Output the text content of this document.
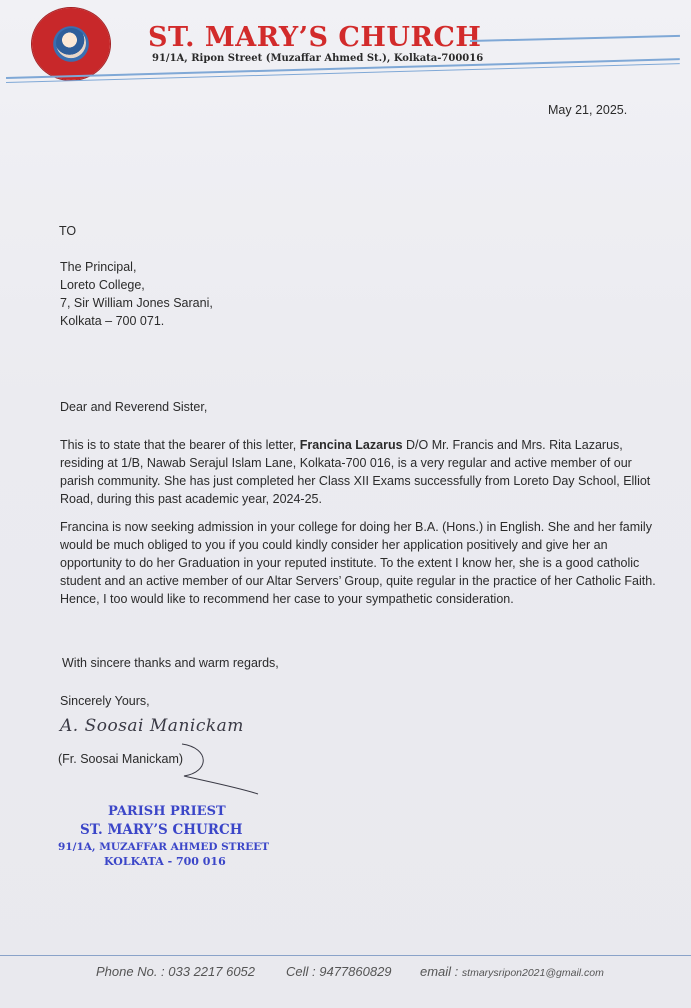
ST. MARY’S CHURCH
91/1A, Ripon Street (Muzaffar Ahmed St.), Kolkata-700016
May 21, 2025.
TO
The Principal,
Loreto College,
7, Sir William Jones Sarani,
Kolkata – 700 071.
Dear and Reverend Sister,
This is to state that the bearer of this letter, Francina Lazarus D/O Mr. Francis and Mrs. Rita Lazarus, residing at 1/B, Nawab Serajul Islam Lane, Kolkata-700 016, is a very regular and active member of our parish community. She has just completed her Class XII Exams successfully from Loreto Day School, Elliot Road, during this past academic year, 2024-25.
Francina is now seeking admission in your college for doing her B.A. (Hons.) in English. She and her family would be much obliged to you if you could kindly consider her application positively and give her an opportunity to do her Graduation in your reputed institute. To the extent I know her, she is a good catholic student and an active member of our Altar Servers’ Group, quite regular in the practice of her Catholic Faith. Hence, I too would like to recommend her case to your sympathetic consideration.
With sincere thanks and warm regards,
Sincerely Yours,
A. Soosai Manickam
(Fr. Soosai Manickam)
PARISH PRIEST
ST. MARY’S CHURCH
91/1A, MUZAFFAR AHMED STREET
KOLKATA - 700 016
Phone No. : 033 2217 6052 Cell : 9477860829 email : stmarysripon2021@gmail.com
